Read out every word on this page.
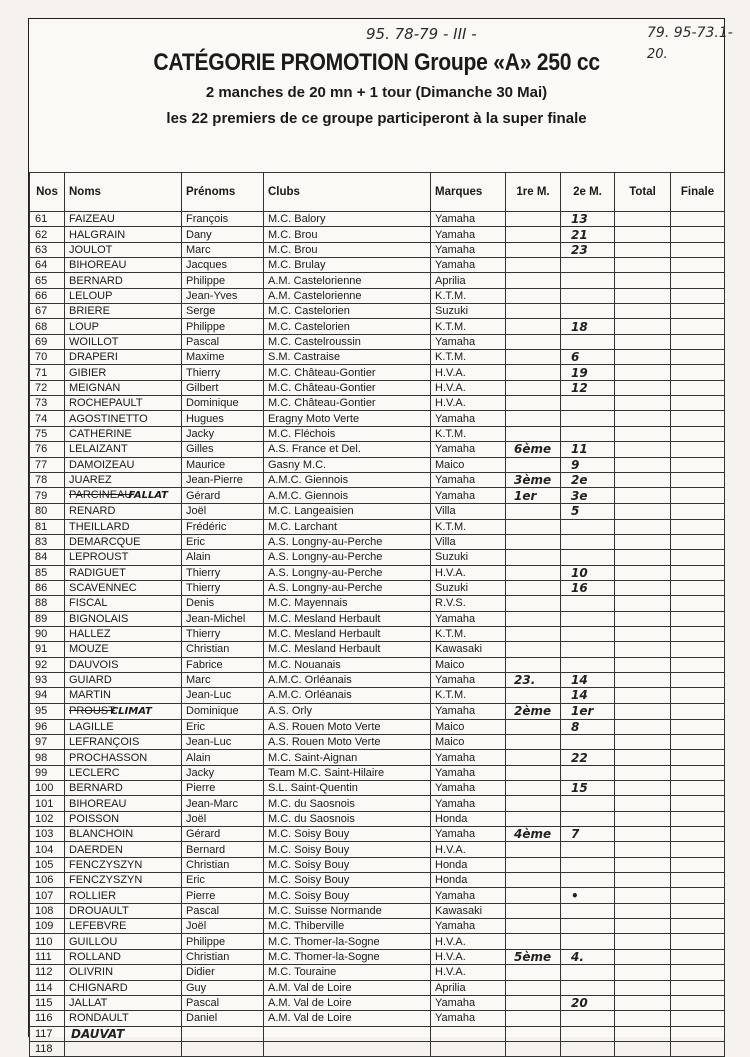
95. 78-79 - III -	79. 95-73.1-
20.
CATÉGORIE PROMOTION Groupe «A» 250 cc
2 manches de 20 mn + 1 tour (Dimanche 30 Mai)
les 22 premiers de ce groupe participeront à la super finale
Nos	Noms	Prénoms	Clubs	Marques	1re M.	2e M.	Total	Finale
61	FAIZEAU	François	M.C. Balory	Yamaha		13		
62	HALGRAIN	Dany	M.C. Brou	Yamaha		21		
63	JOULOT	Marc	M.C. Brou	Yamaha		23		
64	BIHOREAU	Jacques	M.C. Brulay	Yamaha				
65	BERNARD	Philippe	A.M. Castelorienne	Aprilia				
66	LELOUP	Jean-Yves	A.M. Castelorienne	K.T.M.				
67	BRIERE	Serge	M.C. Castelorien	Suzuki				
68	LOUP	Philippe	M.C. Castelorien	K.T.M.		18		
69	WOILLOT	Pascal	M.C. Castelroussin	Yamaha				
70	DRAPERI	Maxime	S.M. Castraise	K.T.M.		6		
71	GIBIER	Thierry	M.C. Château-Gontier	H.V.A.		19		
72	MEIGNAN	Gilbert	M.C. Château-Gontier	H.V.A.		12		
73	ROCHEPAULT	Dominique	M.C. Château-Gontier	H.V.A.				
74	AGOSTINETTO	Hugues	Eragny Moto Verte	Yamaha				
75	CATHERINE	Jacky	M.C. Fléchois	K.T.M.				
76	LELAIZANT	Gilles	A.S. France et Del.	Yamaha	6ème	11		
77	DAMOIZEAU	Maurice	Gasny M.C.	Maico		9		
78	JUAREZ	Jean-Pierre	A.M.C. Giennois	Yamaha	3ème	2e		
79	PARCINEAUFALLAT	Gérard	A.M.C. Giennois	Yamaha	1er	3e		
80	RENARD	Joël	M.C. Langeaisien	Villa		5		
81	THEILLARD	Frédéric	M.C. Larchant	K.T.M.				
83	DEMARCQUE	Eric	A.S. Longny-au-Perche	Villa				
84	LEPROUST	Alain	A.S. Longny-au-Perche	Suzuki				
85	RADIGUET	Thierry	A.S. Longny-au-Perche	H.V.A.		10		
86	SCAVENNEC	Thierry	A.S. Longny-au-Perche	Suzuki		16		
88	FISCAL	Denis	M.C. Mayennais	R.V.S.				
89	BIGNOLAIS	Jean-Michel	M.C. Mesland Herbault	Yamaha				
90	HALLEZ	Thierry	M.C. Mesland Herbault	K.T.M.				
91	MOUZE	Christian	M.C. Mesland Herbault	Kawasaki				
92	DAUVOIS	Fabrice	M.C. Nouanais	Maico				
93	GUIARD	Marc	A.M.C. Orléanais	Yamaha	23.	14		
94	MARTIN	Jean-Luc	A.M.C. Orléanais	K.T.M.		14		
95	PROUSTCLIMAT	Dominique	A.S. Orly	Yamaha	2ème	1er		
96	LAGILLE	Eric	A.S. Rouen Moto Verte	Maico		8		
97	LEFRANÇOIS	Jean-Luc	A.S. Rouen Moto Verte	Maico				
98	PROCHASSON	Alain	M.C. Saint-Aignan	Yamaha		22		
99	LECLERC	Jacky	Team M.C. Saint-Hilaire	Yamaha				
100	BERNARD	Pierre	S.L. Saint-Quentin	Yamaha		15		
101	BIHOREAU	Jean-Marc	M.C. du Saosnois	Yamaha				
102	POISSON	Joël	M.C. du Saosnois	Honda				
103	BLANCHOIN	Gérard	M.C. Soisy Bouy	Yamaha	4ème	7		
104	DAERDEN	Bernard	M.C. Soisy Bouy	H.V.A.				
105	FENCZYSZYN	Christian	M.C. Soisy Bouy	Honda				
106	FENCZYSZYN	Eric	M.C. Soisy Bouy	Honda				
107	ROLLIER	Pierre	M.C. Soisy Bouy	Yamaha		•		
108	DROUAULT	Pascal	M.C. Suisse Normande	Kawasaki				
109	LEFEBVRE	Joël	M.C. Thiberville	Yamaha				
110	GUILLOU	Philippe	M.C. Thomer-la-Sogne	H.V.A.				
111	ROLLAND	Christian	M.C. Thomer-la-Sogne	H.V.A.	5ème	4.		
112	OLIVRIN	Didier	M.C. Touraine	H.V.A.				
114	CHIGNARD	Guy	A.M. Val de Loire	Aprilia				
115	JALLAT	Pascal	A.M. Val de Loire	Yamaha		20		
116	RONDAULT	Daniel	A.M. Val de Loire	Yamaha				
117	DAUVAT							
118								
